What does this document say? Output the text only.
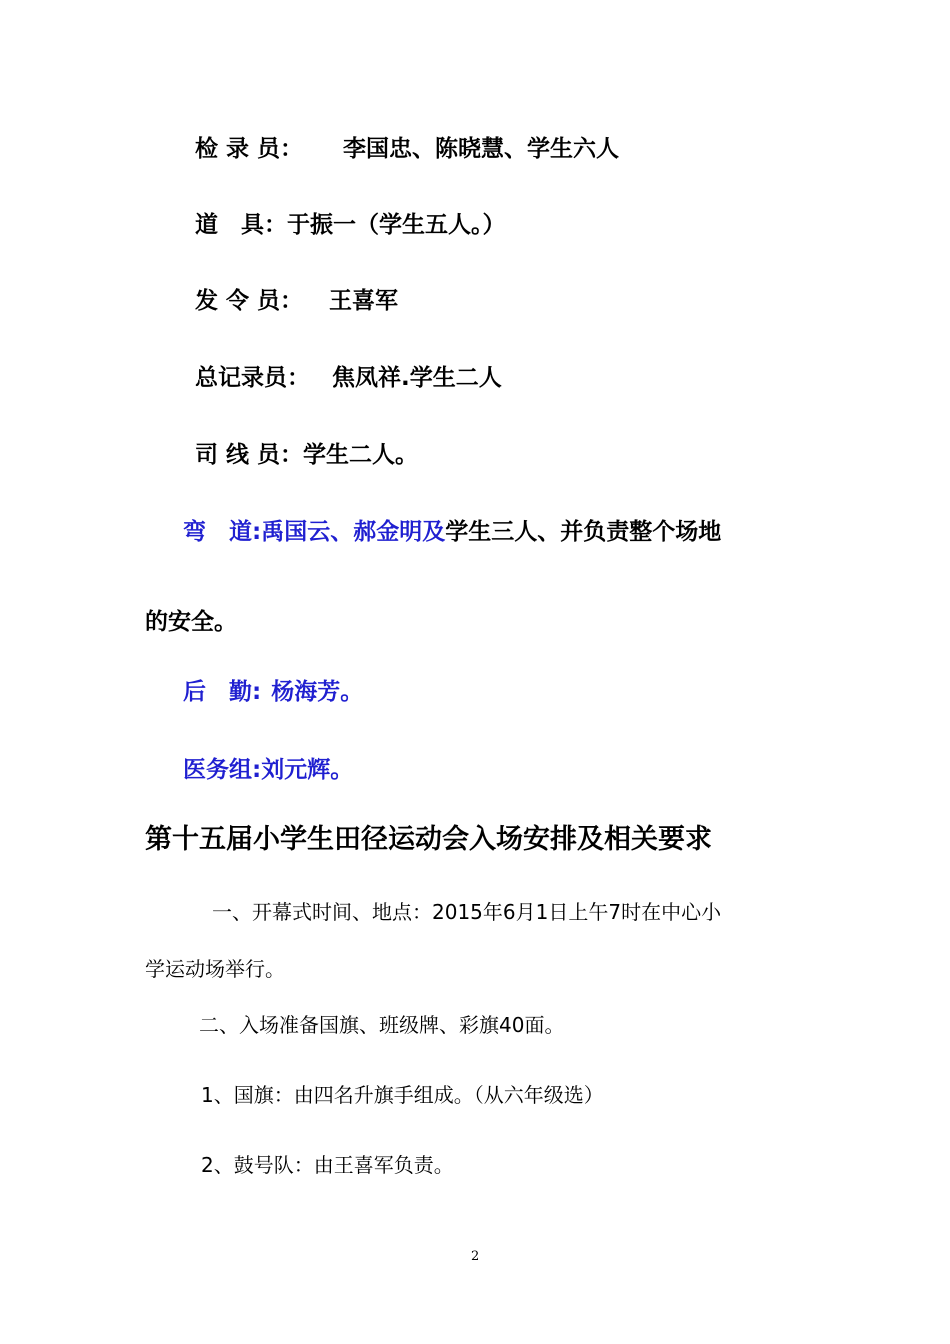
检 录 员： 李国忠、陈晓慧、学生六人
道　具：于振一（学生五人。）
发 令 员： 王喜军
总记录员： 焦凤祥.学生二人
司 线 员：学生二人。
弯　道:禹国云、郝金明及学生三人、并负责整个场地
的安全。
后　勤: 杨海芳。
医务组:刘元辉。
第十五届小学生田径运动会入场安排及相关要求
一、开幕式时间、地点：2015年6月1日上午7时在中心小
学运动场举行。
二、入场准备国旗、班级牌、彩旗40面。
1、国旗：由四名升旗手组成。（从六年级选）
2、鼓号队：由王喜军负责。
2
